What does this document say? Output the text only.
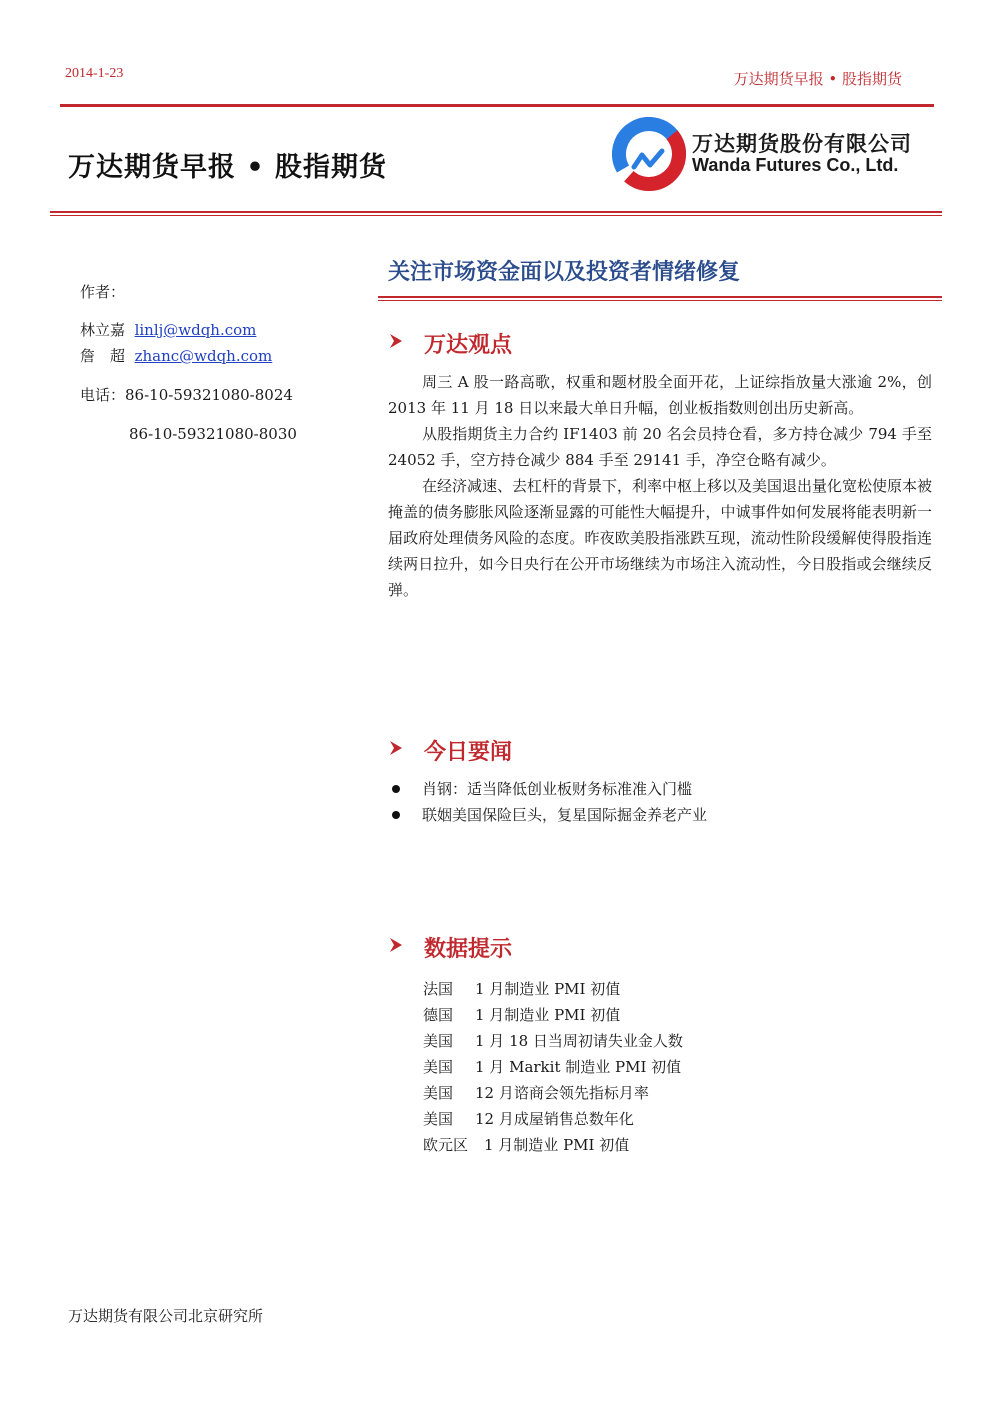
2014-1-23	万达期货早报 • 股指期货
万达期货早报 • 股指期货
万达期货股份有限公司
Wanda Futures Co., Ltd.
作者：
林立嘉 linlj@wdqh.com
詹　超 zhanc@wdqh.com
电话：86-10-59321080-8024
86-10-59321080-8030
关注市场资金面以及投资者情绪修复
万达观点

周三 A 股一路高歌，权重和题材股全面开花，上证综指放量大涨逾 2%，创 2013 年 11 月 18 日以来最大单日升幅，创业板指数则创出历史新高。

从股指期货主力合约 IF1403 前 20 名会员持仓看，多方持仓减少 794 手至 24052 手，空方持仓减少 884 手至 29141 手，净空仓略有减少。

在经济减速、去杠杆的背景下，利率中枢上移以及美国退出量化宽松使原本被掩盖的债务膨胀风险逐渐显露的可能性大幅提升，中诚事件如何发展将能表明新一届政府处理债务风险的态度。昨夜欧美股指涨跌互现，流动性阶段缓解使得股指连续两日拉升，如今日央行在公开市场继续为市场注入流动性，今日股指或会继续反弹。

今日要闻
肖钢：适当降低创业板财务标准准入门槛
联姻美国保险巨头，复星国际掘金养老产业
数据提示
法国	1 月制造业 PMI 初值
德国	1 月制造业 PMI 初值
美国	1 月 18 日当周初请失业金人数
美国	1 月 Markit 制造业 PMI 初值
美国	12 月谘商会领先指标月率
美国	12 月成屋销售总数年化
欧元区	1 月制造业 PMI 初值
万达期货有限公司北京研究所
